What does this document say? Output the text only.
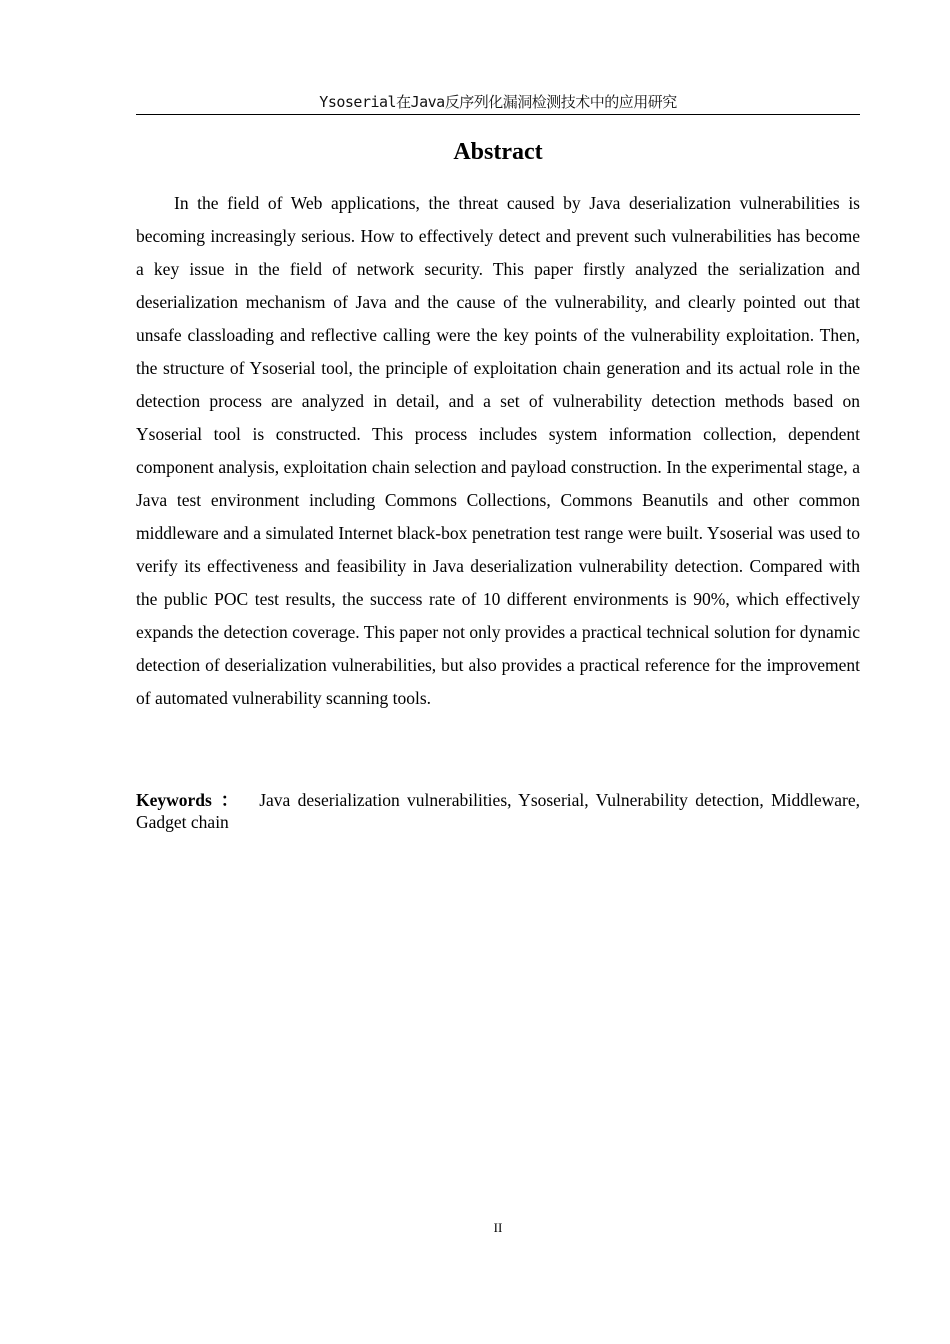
Ysoserial在Java反序列化漏洞检测技术中的应用研究
Abstract

In the field of Web applications, the threat caused by Java deserialization vulnerabilities is becoming increasingly serious. How to effectively detect and prevent such vulnerabilities has become a key issue in the field of network security. This paper firstly analyzed the serialization and deserialization mechanism of Java and the cause of the vulnerability, and clearly pointed out that unsafe classloading and reflective calling were the key points of the vulnerability exploitation. Then, the structure of Ysoserial tool, the principle of exploitation chain generation and its actual role in the detection process are analyzed in detail, and a set of vulnerability detection methods based on Ysoserial tool is constructed. This process includes system information collection, dependent component analysis, exploitation chain selection and payload construction. In the experimental stage, a Java test environment including Commons Collections, Commons Beanutils and other common middleware and a simulated Internet black-box penetration test range were built. Ysoserial was used to verify its effectiveness and feasibility in Java deserialization vulnerability detection. Compared with the public POC test results, the success rate of 10 different environments is 90%, which effectively expands the detection coverage. This paper not only provides a practical technical solution for dynamic detection of deserialization vulnerabilities, but also provides a practical reference for the improvement of automated vulnerability scanning tools.

Keywords ： Java deserialization vulnerabilities, Ysoserial, Vulnerability detection, Middleware, Gadget chain

II
